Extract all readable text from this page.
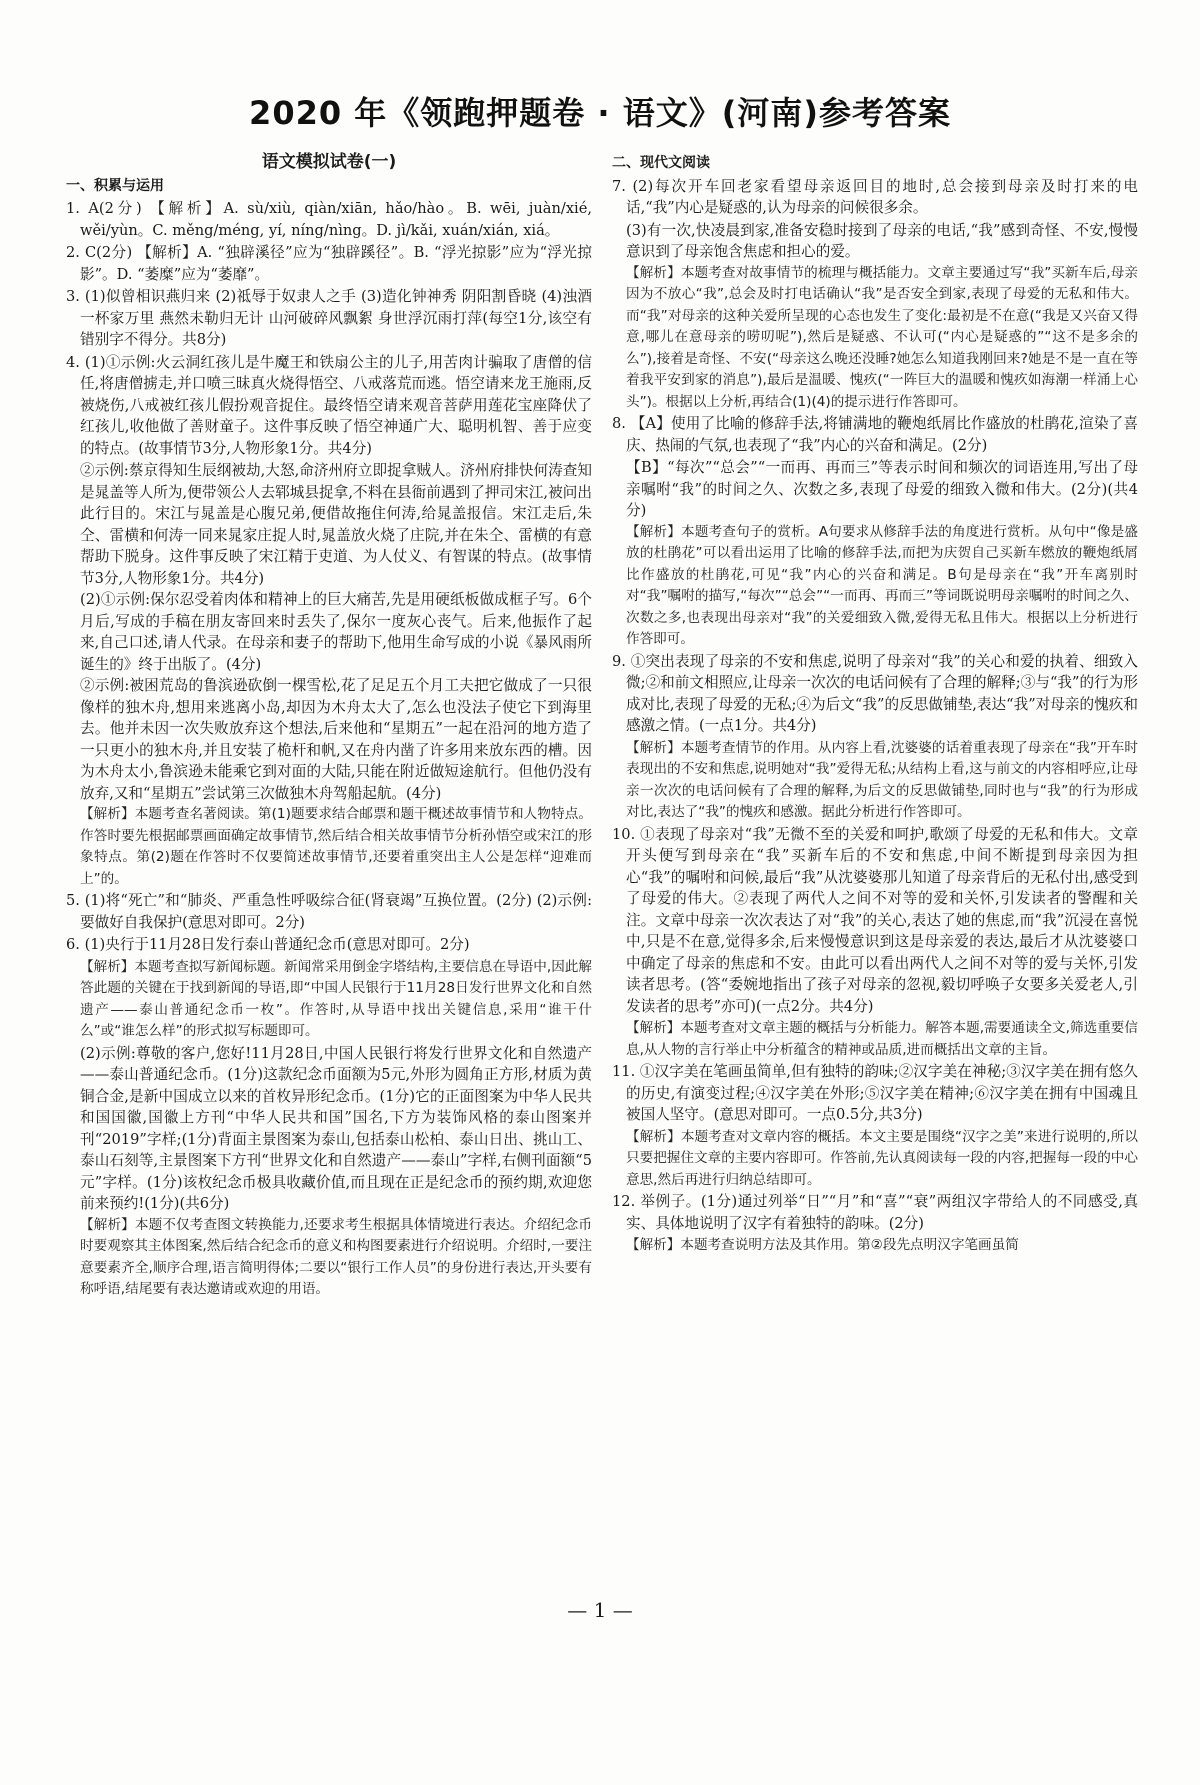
2020 年《领跑押题卷 · 语文》(河南)参考答案
语文模拟试卷(一)
一、积累与运用

1. A(2分) 【解析】A. sù/xiù, qiàn/xiān, hǎo/hào。B. wēi, juàn/xié, wěi/yùn。C. měng/méng, yí, níng/nìng。D. jì/kǎi, xuán/xián, xiá。

2. C(2分) 【解析】A. “独辟溪径”应为“独辟蹊径”。B. “浮光掠影”应为“浮光掠影”。D. “萎糜”应为“萎靡”。

3. (1)似曾相识燕归来 (2)祗辱于奴隶人之手 (3)造化钟神秀 阴阳割昏晓 (4)浊酒一杯家万里 燕然未勒归无计 山河破碎风飘絮 身世浮沉雨打萍(每空1分,该空有错别字不得分。共8分)

4. (1)①示例:火云洞红孩儿是牛魔王和铁扇公主的儿子,用苦肉计骗取了唐僧的信任,将唐僧掳走,并口喷三昧真火烧得悟空、八戒落荒而逃。悟空请来龙王施雨,反被烧伤,八戒被红孩儿假扮观音捉住。最终悟空请来观音菩萨用莲花宝座降伏了红孩儿,收他做了善财童子。这件事反映了悟空神通广大、聪明机智、善于应变的特点。(故事情节3分,人物形象1分。共4分)

②示例:蔡京得知生辰纲被劫,大怒,命济州府立即捉拿贼人。济州府排快何涛查知是晁盖等人所为,便带领公人去郓城县捉拿,不料在县衙前遇到了押司宋江,被问出此行目的。宋江与晁盖是心腹兄弟,便借故拖住何涛,给晁盖报信。宋江走后,朱仝、雷横和何涛一同来晁家庄捉人时,晁盖放火烧了庄院,并在朱仝、雷横的有意帮助下脱身。这件事反映了宋江精于吏道、为人仗义、有智谋的特点。(故事情节3分,人物形象1分。共4分)

(2)①示例:保尔忍受着肉体和精神上的巨大痛苦,先是用硬纸板做成框子写。6个月后,写成的手稿在朋友寄回来时丢失了,保尔一度灰心丧气。后来,他振作了起来,自己口述,请人代录。在母亲和妻子的帮助下,他用生命写成的小说《暴风雨所诞生的》终于出版了。(4分)

②示例:被困荒岛的鲁滨逊砍倒一棵雪松,花了足足五个月工夫把它做成了一只很像样的独木舟,想用来逃离小岛,却因为木舟太大了,怎么也没法子使它下到海里去。他并未因一次失败放弃这个想法,后来他和“星期五”一起在沿河的地方造了一只更小的独木舟,并且安装了桅杆和帆,又在舟内凿了许多用来放东西的槽。因为木舟太小,鲁滨逊未能乘它到对面的大陆,只能在附近做短途航行。但他仍没有放弃,又和“星期五”尝试第三次做独木舟驾船起航。(4分)

【解析】本题考查名著阅读。第(1)题要求结合邮票和题干概述故事情节和人物特点。作答时要先根据邮票画面确定故事情节,然后结合相关故事情节分析孙悟空或宋江的形象特点。第(2)题在作答时不仅要简述故事情节,还要着重突出主人公是怎样“迎难而上”的。

5. (1)将“死亡”和“肺炎、严重急性呼吸综合征(肾衰竭”互换位置。(2分) (2)示例:要做好自我保护(意思对即可。2分)

6. (1)央行于11月28日发行泰山普通纪念币(意思对即可。2分)

【解析】本题考查拟写新闻标题。新闻常采用倒金字塔结构,主要信息在导语中,因此解答此题的关键在于找到新闻的导语,即“中国人民银行于11月28日发行世界文化和自然遗产——泰山普通纪念币一枚”。作答时,从导语中找出关键信息,采用“谁干什么”或“谁怎么样”的形式拟写标题即可。

(2)示例:尊敬的客户,您好!11月28日,中国人民银行将发行世界文化和自然遗产——泰山普通纪念币。(1分)这款纪念币面额为5元,外形为圆角正方形,材质为黄铜合金,是新中国成立以来的首枚异形纪念币。(1分)它的正面图案为中华人民共和国国徽,国徽上方刊“中华人民共和国”国名,下方为装饰风格的泰山图案并刊“2019”字样;(1分)背面主景图案为泰山,包括泰山松柏、泰山日出、挑山工、泰山石刻等,主景图案下方刊“世界文化和自然遗产——泰山”字样,右侧刊面额“5元”字样。(1分)该枚纪念币极具收藏价值,而且现在正是纪念币的预约期,欢迎您前来预约!(1分)(共6分)

【解析】本题不仅考查图文转换能力,还要求考生根据具体情境进行表达。介绍纪念币时要观察其主体图案,然后结合纪念币的意义和构图要素进行介绍说明。介绍时,一要注意要素齐全,顺序合理,语言简明得体;二要以“银行工作人员”的身份进行表达,开头要有称呼语,结尾要有表达邀请或欢迎的用语。

二、现代文阅读

7. (2)每次开车回老家看望母亲返回目的地时,总会接到母亲及时打来的电话,“我”内心是疑惑的,认为母亲的问候很多余。

(3)有一次,快凌晨到家,准备安稳时接到了母亲的电话,“我”感到奇怪、不安,慢慢意识到了母亲饱含焦虑和担心的爱。

【解析】本题考查对故事情节的梳理与概括能力。文章主要通过写“我”买新车后,母亲因为不放心“我”,总会及时打电话确认“我”是否安全到家,表现了母爱的无私和伟大。而“我”对母亲的这种关爱所呈现的心态也发生了变化:最初是不在意(“我是又兴奋又得意,哪儿在意母亲的唠叨呢”),然后是疑惑、不认可(“内心是疑惑的”“这不是多余的么”),接着是奇怪、不安(“母亲这么晚还没睡?她怎么知道我刚回来?她是不是一直在等着我平安到家的消息”),最后是温暖、愧疚(“一阵巨大的温暖和愧疚如海潮一样涌上心头”)。根据以上分析,再结合(1)(4)的提示进行作答即可。

8. 【A】使用了比喻的修辞手法,将铺满地的鞭炮纸屑比作盛放的杜鹃花,渲染了喜庆、热闹的气氛,也表现了“我”内心的兴奋和满足。(2分)

【B】“每次”“总会”“一而再、再而三”等表示时间和频次的词语连用,写出了母亲嘱咐“我”的时间之久、次数之多,表现了母爱的细致入微和伟大。(2分)(共4分)

【解析】本题考查句子的赏析。A句要求从修辞手法的角度进行赏析。从句中“像是盛放的杜鹃花”可以看出运用了比喻的修辞手法,而把为庆贺自己买新车燃放的鞭炮纸屑比作盛放的杜鹃花,可见“我”内心的兴奋和满足。B句是母亲在“我”开车离别时对“我”嘱咐的描写,“每次”“总会”“一而再、再而三”等词既说明母亲嘱咐的时间之久、次数之多,也表现出母亲对“我”的关爱细致入微,爱得无私且伟大。根据以上分析进行作答即可。

9. ①突出表现了母亲的不安和焦虑,说明了母亲对“我”的关心和爱的执着、细致入微;②和前文相照应,让母亲一次次的电话问候有了合理的解释;③与“我”的行为形成对比,表现了母爱的无私;④为后文“我”的反思做铺垫,表达“我”对母亲的愧疚和感激之情。(一点1分。共4分)

【解析】本题考查情节的作用。从内容上看,沈婆婆的话着重表现了母亲在“我”开车时表现出的不安和焦虑,说明她对“我”爱得无私;从结构上看,这与前文的内容相呼应,让母亲一次次的电话问候有了合理的解释,为后文的反思做铺垫,同时也与“我”的行为形成对比,表达了“我”的愧疚和感激。据此分析进行作答即可。

10. ①表现了母亲对“我”无微不至的关爱和呵护,歌颂了母爱的无私和伟大。文章开头便写到母亲在“我”买新车后的不安和焦虑,中间不断提到母亲因为担心“我”的嘱咐和问候,最后“我”从沈婆婆那儿知道了母亲背后的无私付出,感受到了母爱的伟大。②表现了两代人之间不对等的爱和关怀,引发读者的警醒和关注。文章中母亲一次次表达了对“我”的关心,表达了她的焦虑,而“我”沉浸在喜悦中,只是不在意,觉得多余,后来慢慢意识到这是母亲爱的表达,最后才从沈婆婆口中确定了母亲的焦虑和不安。由此可以看出两代人之间不对等的爱与关怀,引发读者思考。(答“委婉地指出了孩子对母亲的忽视,毅切呼唤子女要多关爱老人,引发读者的思考”亦可)(一点2分。共4分)

【解析】本题考查对文章主题的概括与分析能力。解答本题,需要通读全文,筛选重要信息,从人物的言行举止中分析蕴含的精神或品质,进而概括出文章的主旨。

11. ①汉字美在笔画虽简单,但有独特的韵味;②汉字美在神秘;③汉字美在拥有悠久的历史,有演变过程;④汉字美在外形;⑤汉字美在精神;⑥汉字美在拥有中国魂且被国人坚守。(意思对即可。一点0.5分,共3分)

【解析】本题考查对文章内容的概括。本文主要是围绕“汉字之美”来进行说明的,所以只要把握住文章的主要内容即可。作答前,先认真阅读每一段的内容,把握每一段的中心意思,然后再进行归纳总结即可。

12. 举例子。(1分)通过列举“日”“月”和“喜”“衰”两组汉字带给人的不同感受,真实、具体地说明了汉字有着独特的韵味。(2分)

【解析】本题考查说明方法及其作用。第②段先点明汉字笔画虽简

— 1 —
